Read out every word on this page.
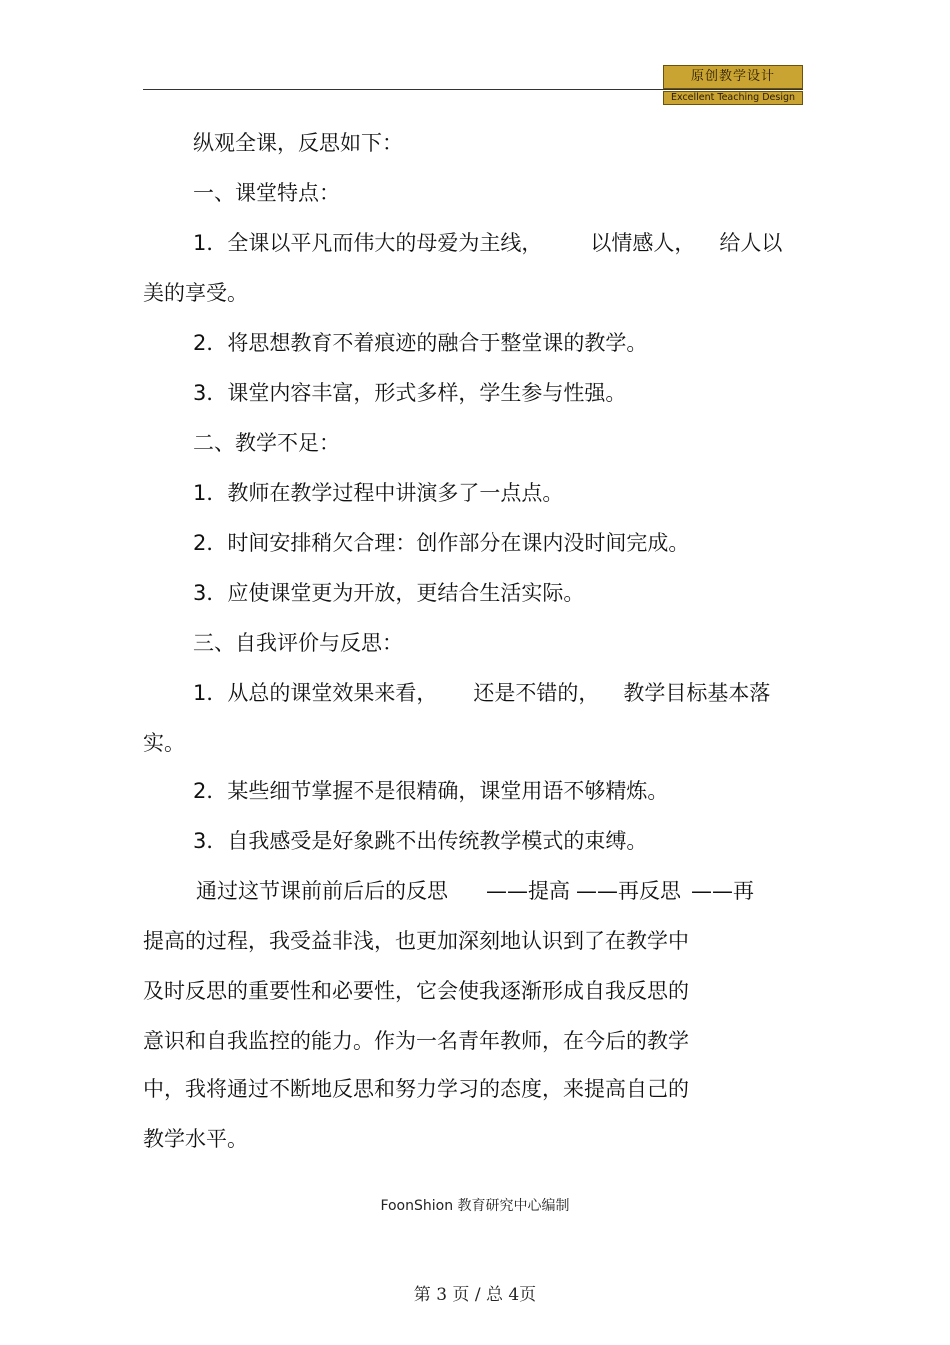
原创教学设计
Excellent Teaching Design
纵观全课，反思如下：
一、课堂特点：
1．全课以平凡而伟大的母爱为主线， 以情感人， 给人以
美的享受。
2．将思想教育不着痕迹的融合于整堂课的教学。
3．课堂内容丰富，形式多样，学生参与性强。
二、教学不足：
1．教师在教学过程中讲演多了一点点。
2．时间安排稍欠合理：创作部分在课内没时间完成。
3．应使课堂更为开放，更结合生活实际。
三、自我评价与反思：
1．从总的课堂效果来看， 还是不错的， 教学目标基本落
实。
2．某些细节掌握不是很精确，课堂用语不够精炼。
3．自我感受是好象跳不出传统教学模式的束缚。
通过这节课前前后后的反思 ——提高 ——再反思 ——再
提高的过程，我受益非浅，也更加深刻地认识到了在教学中
及时反思的重要性和必要性，它会使我逐渐形成自我反思的
意识和自我监控的能力。作为一名青年教师，在今后的教学
中，我将通过不断地反思和努力学习的态度，来提高自己的
教学水平。
FoonShion 教育研究中心编制
第 3 页 / 总 4页
